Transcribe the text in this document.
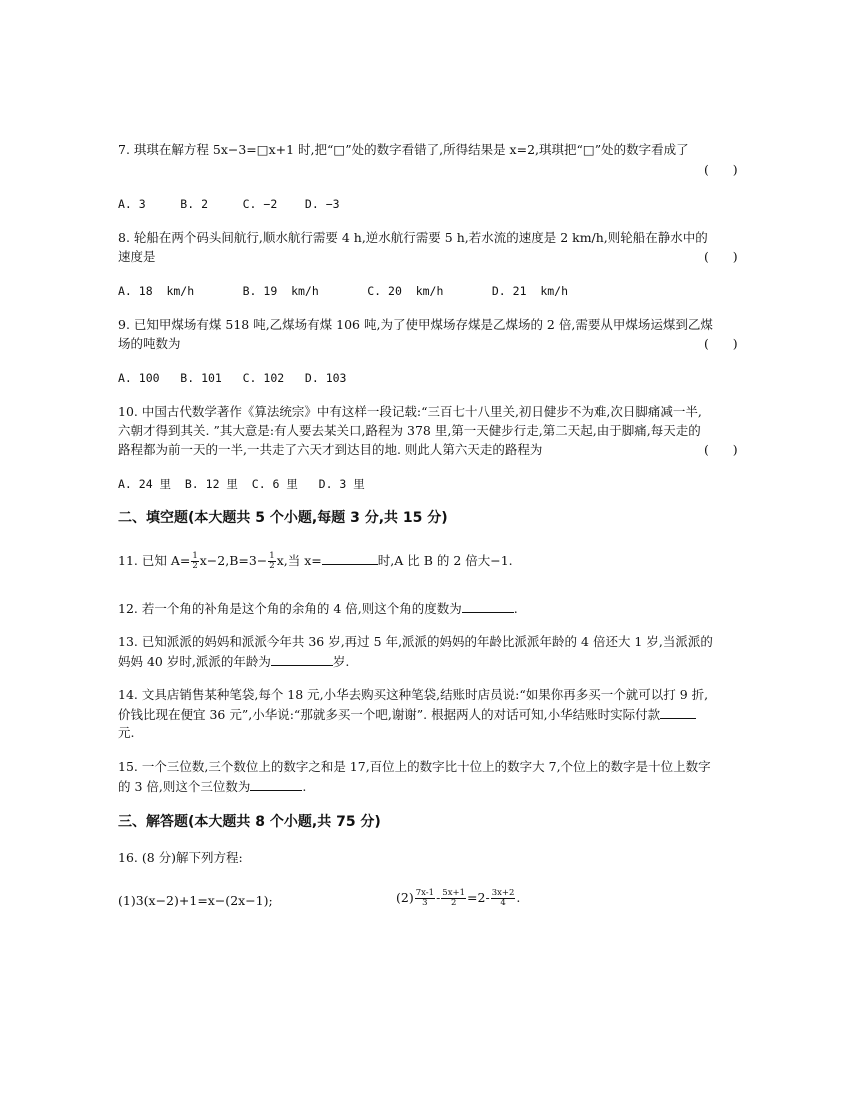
7. 琪琪在解方程 5x−3=□x+1 时,把“□”处的数字看错了,所得结果是 x=2,琪琪把“□”处的数字看成了
(      )
A. 3     B. 2     C. −2    D. −3
8. 轮船在两个码头间航行,顺水航行需要 4 h,逆水航行需要 5 h,若水流的速度是 2 km/h,则轮船在静水中的
速度是	(      )
A. 18  km/h       B. 19  km/h       C. 20  km/h       D. 21  km/h
9. 已知甲煤场有煤 518 吨,乙煤场有煤 106 吨,为了使甲煤场存煤是乙煤场的 2 倍,需要从甲煤场运煤到乙煤
场的吨数为	(      )
A. 100   B. 101   C. 102   D. 103
10. 中国古代数学著作《算法统宗》中有这样一段记载:“三百七十八里关,初日健步不为难,次日脚痛减一半,
六朝才得到其关. ”其大意是:有人要去某关口,路程为 378 里,第一天健步行走,第二天起,由于脚痛,每天走的
路程都为前一天的一半,一共走了六天才到达目的地. 则此人第六天走的路程为	(      )
A. 24 里  B. 12 里  C. 6 里   D. 3 里
二、填空题(本大题共 5 个小题,每题 3 分,共 15 分)
11. 已知 $A= \frac{1}{2} x-2,B=3- \frac{1}{2} x$,当 x=	时,A 比 B 的 2 倍大−1.
12. 若一个角的补角是这个角的余角的 4 倍,则这个角的度数为	.
13. 已知派派的妈妈和派派今年共 36 岁,再过 5 年,派派的妈妈的年龄比派派年龄的 4 倍还大 1 岁,当派派的
妈妈 40 岁时,派派的年龄为	岁.
14. 文具店销售某种笔袋,每个 18 元,小华去购买这种笔袋,结账时店员说:“如果你再多买一个就可以打 9 折,
价钱比现在便宜 36 元”,小华说:“那就多买一个吧,谢谢”. 根据两人的对话可知,小华结账时实际付款
元.
15. 一个三位数,三个数位上的数字之和是 17,百位上的数字比十位上的数字大 7,个位上的数字是十位上数字
的 3 倍,则这个三位数为	.
三、解答题(本大题共 8 个小题,共 75 分)
16. (8 分)解下列方程:
(1)3(x−2)+1=x−(2x−1);	$(2) \frac{7x-1}{3} - \frac{5x+1}{2} =2- \frac{3x+2}{4}$ .
